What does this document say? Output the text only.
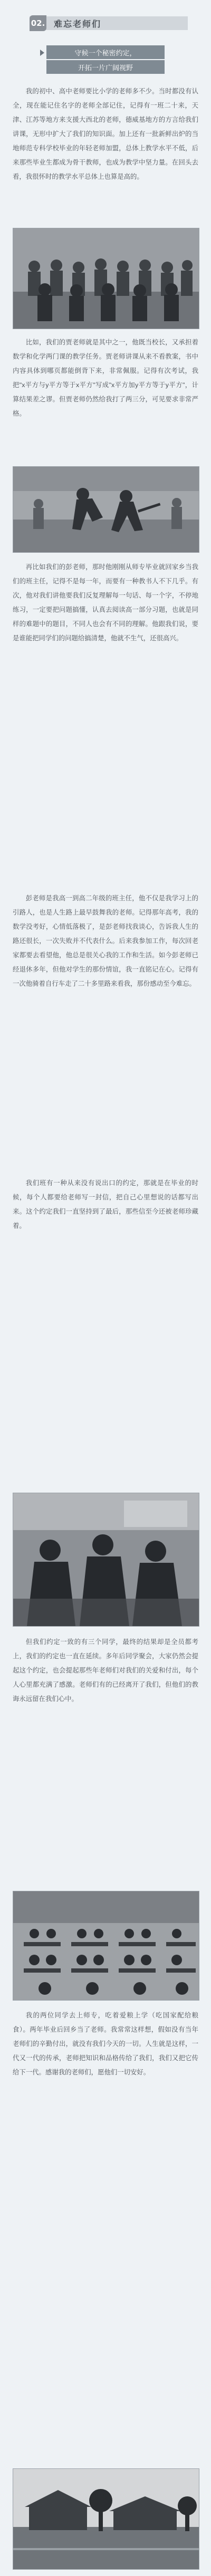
02. 难忘老师们
守候一个秘密约定，
开拓一片广阔视野

我的初中、高中老师要比小学的老师多不少。当时都没有认全，现在能记住名字的老师全部记住，记得有一班二十来，天津、江苏等地方来支援大西北的老师，德威基地方的方言给我们讲课，无形中扩大了我们的知识面。加上还有一批新鲜出炉的当地师范专科学校毕业的年轻老师加盟，总体上教学水平不低，后来那些毕业生都成为骨干教师，也成为教学中坚力量。在回头去看，我很怀时的教学水平总体上也算是高的。

比如，我们的贾老师就是其中之一，他既当校长，又承担着数学和化学两门课的教学任务。贾老师讲课从来不看教案，书中内容具体到哪页都能倒背下来，非常佩服。记得有次考试，我把"x平方与y平方等于x平方"写成"x平方加y平方等于y平方"，计算结果差之谬。但贾老师仍然给我打了两三分，可见要求非常严格。

再比如我们的彭老师，那时他刚刚从师专毕业就回家乡当我们的班主任，记得不是每一年，而要有一种教书人不下几乎。有次，他对我们讲他要我们反复理解每一句话、每一个字，不停地练习，一定要把问题搞懂，认真去阅读高一部分习题，也就是同样的难题中的题目，不同人也会有不同的理解。他跟我们说，要是谁能把同学们的问题给搞清楚，他就不生气，还很高兴。

彭老师是我高一到高二年级的班主任，他不仅是我学习上的引路人，也是人生路上最早鼓舞我的老师。记得那年高考，我的数学没考好，心情低落极了，是彭老师找我谈心，告诉我人生的路还很长，一次失败并不代表什么。后来我参加工作，每次回老家都要去看望他，他总是很关心我的工作和生活。如今彭老师已经退休多年，但他对学生的那份情谊，我一直铭记在心。记得有一次他骑着自行车走了二十多里路来看我，那份感动至今难忘。

我们班有一种从来没有说出口的约定，那就是在毕业的时候，每个人都要给老师写一封信，把自己心里想说的话都写出来。这个约定我们一直坚持到了最后，那些信至今还被老师珍藏着。

但我们约定一致的有三个同学，最终的结果却是全员都考上，我们的约定也一直在延续。多年后同学聚会，大家仍然会提起这个约定，也会提起那些年老师们对我们的关爱和付出，每个人心里都充满了感激。老师们有的已经离开了我们，但他们的教诲永远留在我们心中。

我的两位同学去上师专，吃着爱粮上学（吃国家配给粮食）。两年毕业后回乡当了老师。我常常这样想，假如没有当年老师们的辛勤付出，就没有我们今天的一切。人生就是这样，一代又一代的传承，老师把知识和品格传给了我们，我们又把它传给下一代。感谢我的老师们，愿他们一切安好。
